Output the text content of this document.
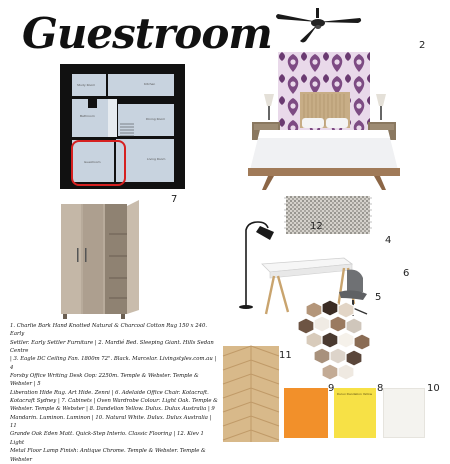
Guestroom	2
Study Room	Kitchen
Bathroom
Dining Room
Guestroom
Living Room
7
12
4
6
5
11
9 Dulux Dandelion Yellow 8	10
1. Charlie Bark Hand Knotted Natural & Charcoal Cotton Rug 150 x 240. Early
Settler. Early Settler Furniture | 2. Mardié Bed. Sleeping Giant. Hills Sedan Centre
| 3. Eagle DC Ceiling Fan. 1800m 72". Black. Marcelar. Livingstyles.com.au | 4
Forsby Office Writing Desk Oop: 2250m. Temple & Webster. Temple & Webster | 5
Liberation Hide Rug. Art Hide. Zenni | 6. Adelaide Office Chair. Kotacraft.
Kotacraft Sydney | 7. Cabinets | Oven Wardrobe Colour: Light Oak. Temple &
Webster. Temple & Webster | 8. Dandelion Yellow. Dulux. Dulux Australia | 9
Mandarin. Luminon. Luminon | 10. Natural White. Dulux. Dulux Australia | 11
Grande Oak Eden Matt. Quick-Step Interio. Classic Flooring | 12. Kiev 1 Light
Metal Floor Lamp Finish: Antique Chrome. Temple & Webster. Temple & Webster
